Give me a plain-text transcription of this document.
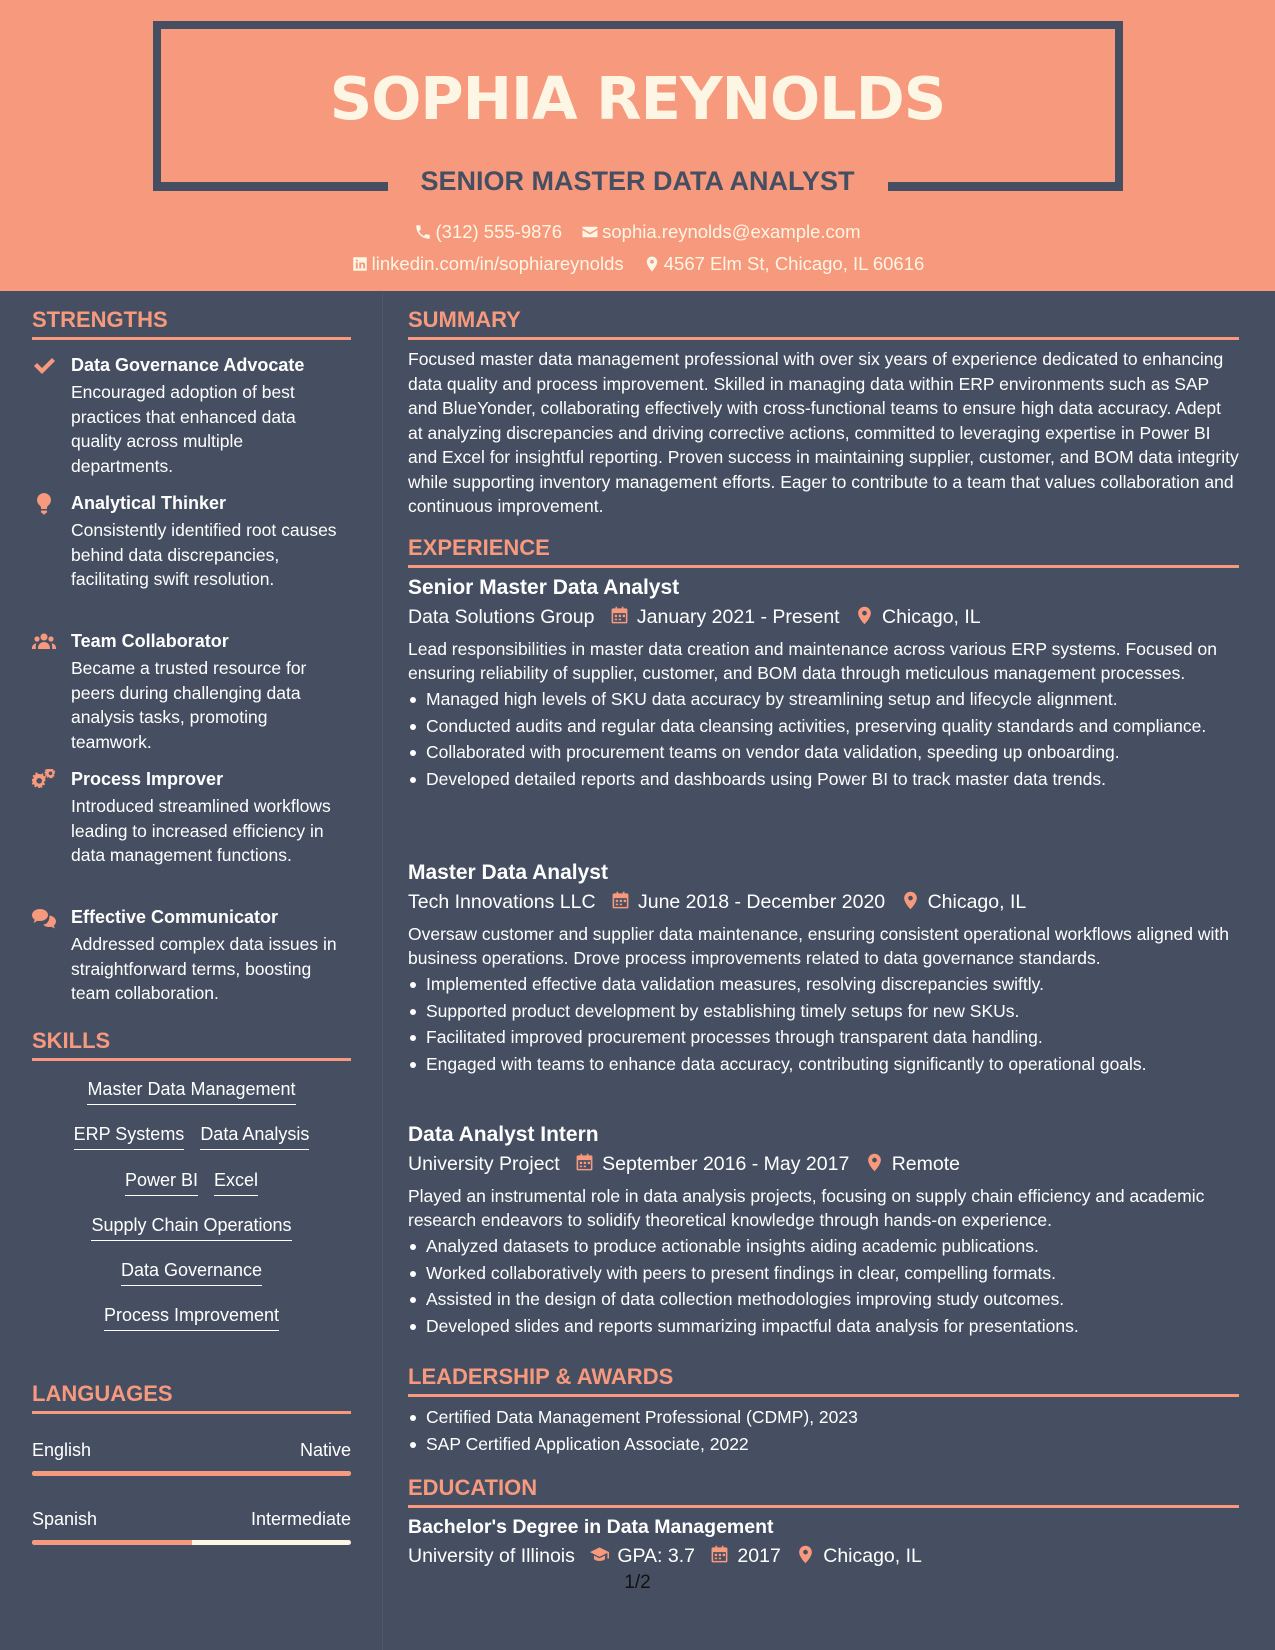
SOPHIA REYNOLDS
SENIOR MASTER DATA ANALYST
(312) 555-9876 sophia.reynolds@example.com
linkedin.com/in/sophiareynolds 4567 Elm St, Chicago, IL 60616
STRENGTHS
Data Governance Advocate
Encouraged adoption of best practices that enhanced data quality across multiple departments.
Analytical Thinker
Consistently identified root causes behind data discrepancies, facilitating swift resolution.
Team Collaborator
Became a trusted resource for peers during challenging data analysis tasks, promoting teamwork.
Process Improver
Introduced streamlined workflows leading to increased efficiency in data management functions.
Effective Communicator
Addressed complex data issues in straightforward terms, boosting team collaboration.
SKILLS
Master Data Management
ERP Systems Data Analysis
Power BI Excel
Supply Chain Operations
Data Governance
Process Improvement
LANGUAGES
English	Native
Spanish	Intermediate
SUMMARY
Focused master data management professional with over six years of experience dedicated to enhancing data quality and process improvement. Skilled in managing data within ERP environments such as SAP and BlueYonder, collaborating effectively with cross-functional teams to ensure high data accuracy. Adept at analyzing discrepancies and driving corrective actions, committed to leveraging expertise in Power BI and Excel for insightful reporting. Proven success in maintaining supplier, customer, and BOM data integrity while supporting inventory management efforts. Eager to contribute to a team that values collaboration and continuous improvement.
EXPERIENCE
Senior Master Data Analyst
Data Solutions Group January 2021 - Present Chicago, IL
Lead responsibilities in master data creation and maintenance across various ERP systems. Focused on ensuring reliability of supplier, customer, and BOM data through meticulous management processes.
Managed high levels of SKU data accuracy by streamlining setup and lifecycle alignment.
Conducted audits and regular data cleansing activities, preserving quality standards and compliance.
Collaborated with procurement teams on vendor data validation, speeding up onboarding.
Developed detailed reports and dashboards using Power BI to track master data trends.
Master Data Analyst
Tech Innovations LLC June 2018 - December 2020 Chicago, IL
Oversaw customer and supplier data maintenance, ensuring consistent operational workflows aligned with business operations. Drove process improvements related to data governance standards.
Implemented effective data validation measures, resolving discrepancies swiftly.
Supported product development by establishing timely setups for new SKUs.
Facilitated improved procurement processes through transparent data handling.
Engaged with teams to enhance data accuracy, contributing significantly to operational goals.
Data Analyst Intern
University Project September 2016 - May 2017 Remote
Played an instrumental role in data analysis projects, focusing on supply chain efficiency and academic research endeavors to solidify theoretical knowledge through hands-on experience.
Analyzed datasets to produce actionable insights aiding academic publications.
Worked collaboratively with peers to present findings in clear, compelling formats.
Assisted in the design of data collection methodologies improving study outcomes.
Developed slides and reports summarizing impactful data analysis for presentations.
LEADERSHIP & AWARDS
Certified Data Management Professional (CDMP), 2023
SAP Certified Application Associate, 2022
EDUCATION
Bachelor's Degree in Data Management
University of Illinois GPA: 3.7 2017 Chicago, IL
1/2
